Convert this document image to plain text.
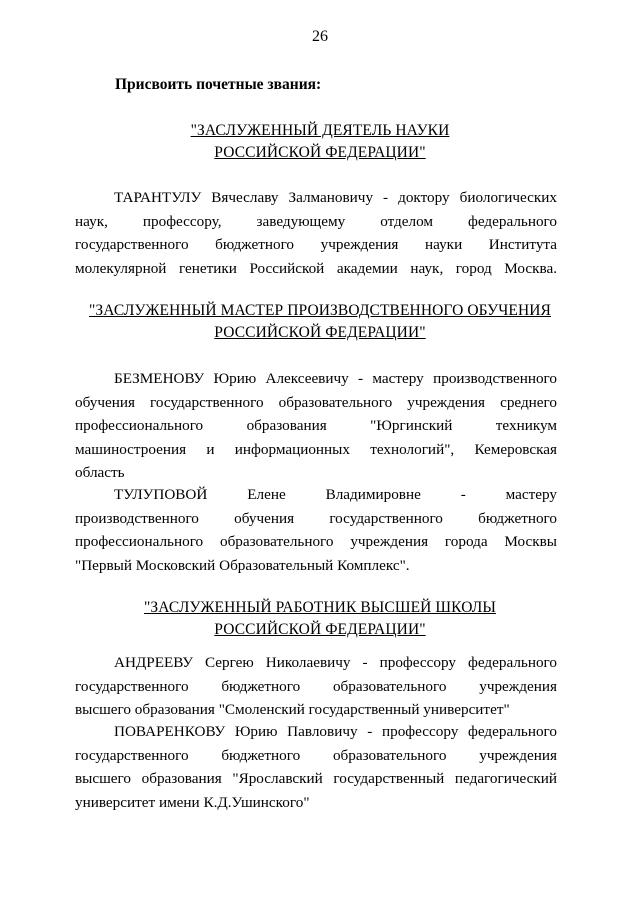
26
Присвоить почетные звания:
"ЗАСЛУЖЕННЫЙ ДЕЯТЕЛЬ НАУКИ
РОССИЙСКОЙ ФЕДЕРАЦИИ"
ТАРАНТУЛУ Вячеславу Залмановичу - доктору биологических
наук, профессору, заведующему отделом федерального
государственного бюджетного учреждения науки Института
молекулярной генетики Российской академии наук, город Москва.
"ЗАСЛУЖЕННЫЙ МАСТЕР ПРОИЗВОДСТВЕННОГО ОБУЧЕНИЯ
РОССИЙСКОЙ ФЕДЕРАЦИИ"
БЕЗМЕНОВУ Юрию Алексеевичу - мастеру производственного
обучения государственного образовательного учреждения среднего
профессионального образования "Юргинский техникум
машиностроения и информационных технологий", Кемеровская
область
ТУЛУПОВОЙ Елене Владимировне - мастеру
производственного обучения государственного бюджетного
профессионального образовательного учреждения города Москвы
"Первый Московский Образовательный Комплекс".
"ЗАСЛУЖЕННЫЙ РАБОТНИК ВЫСШЕЙ ШКОЛЫ
РОССИЙСКОЙ ФЕДЕРАЦИИ"
АНДРЕЕВУ Сергею Николаевичу - профессору федерального
государственного бюджетного образовательного учреждения
высшего образования "Смоленский государственный университет"
ПОВАРЕНКОВУ Юрию Павловичу - профессору федерального
государственного бюджетного образовательного учреждения
высшего образования "Ярославский государственный педагогический
университет имени К.Д.Ушинского"
